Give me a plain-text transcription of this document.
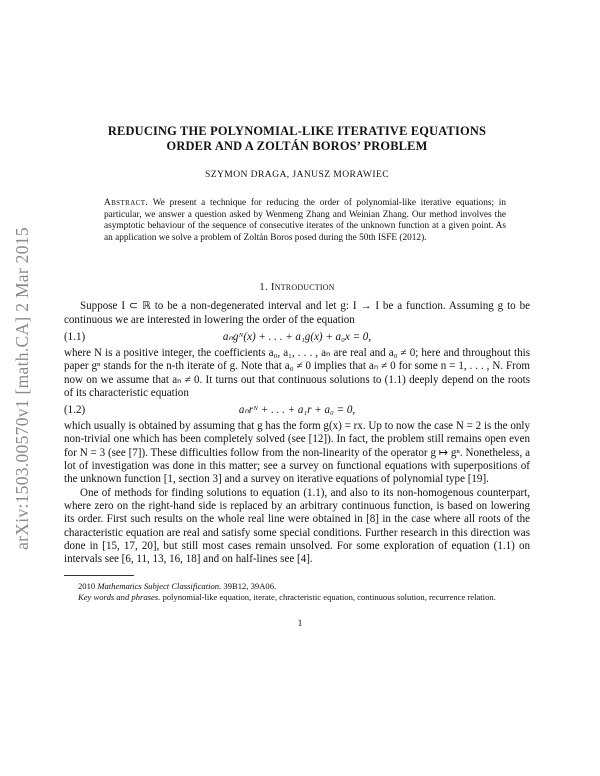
arXiv:1503.00570v1 [math.CA] 2 Mar 2015
REDUCING THE POLYNOMIAL-LIKE ITERATIVE EQUATIONS
ORDER AND A ZOLTÁN BOROS’ PROBLEM
SZYMON DRAGA, JANUSZ MORAWIEC
Abstract. We present a technique for reducing the order of polynomial-like iterative equations; in particular, we answer a question asked by Wenmeng Zhang and Weinian Zhang. Our method involves the asymptotic behaviour of the sequence of consecutive iterates of the unknown function at a given point. As an application we solve a problem of Zoltán Boros posed during the 50th ISFE (2012).
1. Introduction

Suppose I ⊂ ℝ to be a non-degenerated interval and let g: I → I be a function. Assuming g to be continuous we are interested in lowering the order of the equation

(1.1)	aₙgᴺ(x) + . . . + a₁g(x) + a₀x = 0,

where N is a positive integer, the coefficients a₀, a₁, . . . , aₙ are real and a₀ ≠ 0; here and throughout this paper gⁿ stands for the n-th iterate of g. Note that a₀ ≠ 0 implies that aₙ ≠ 0 for some n = 1, . . . , N. From now on we assume that aₙ ≠ 0. It turns out that continuous solutions to (1.1) deeply depend on the roots of its characteristic equation

(1.2)	aₙrᴺ + . . . + a₁r + a₀ = 0,

which usually is obtained by assuming that g has the form g(x) = rx. Up to now the case N = 2 is the only non-trivial one which has been completely solved (see [12]). In fact, the problem still remains open even for N = 3 (see [7]). These difficulties follow from the non-linearity of the operator g ↦ gⁿ. Nonetheless, a lot of investigation was done in this matter; see a survey on functional equations with superpositions of the unknown function [1, section 3] and a survey on iterative equations of polynomial type [19].

One of methods for finding solutions to equation (1.1), and also to its non-homogenous counterpart, where zero on the right-hand side is replaced by an arbitrary continuous function, is based on lowering its order. First such results on the whole real line were obtained in [8] in the case where all roots of the characteristic equation are real and satisfy some special conditions. Further research in this direction was done in [15, 17, 20], but still most cases remain unsolved. For some exploration of equation (1.1) on intervals see [6, 11, 13, 16, 18] and on half-lines see [4].

2010 Mathematics Subject Classification. 39B12, 39A06.

Key words and phrases. polynomial-like equation, iterate, chracteristic equation, continuous solution, recurrence relation.

1
